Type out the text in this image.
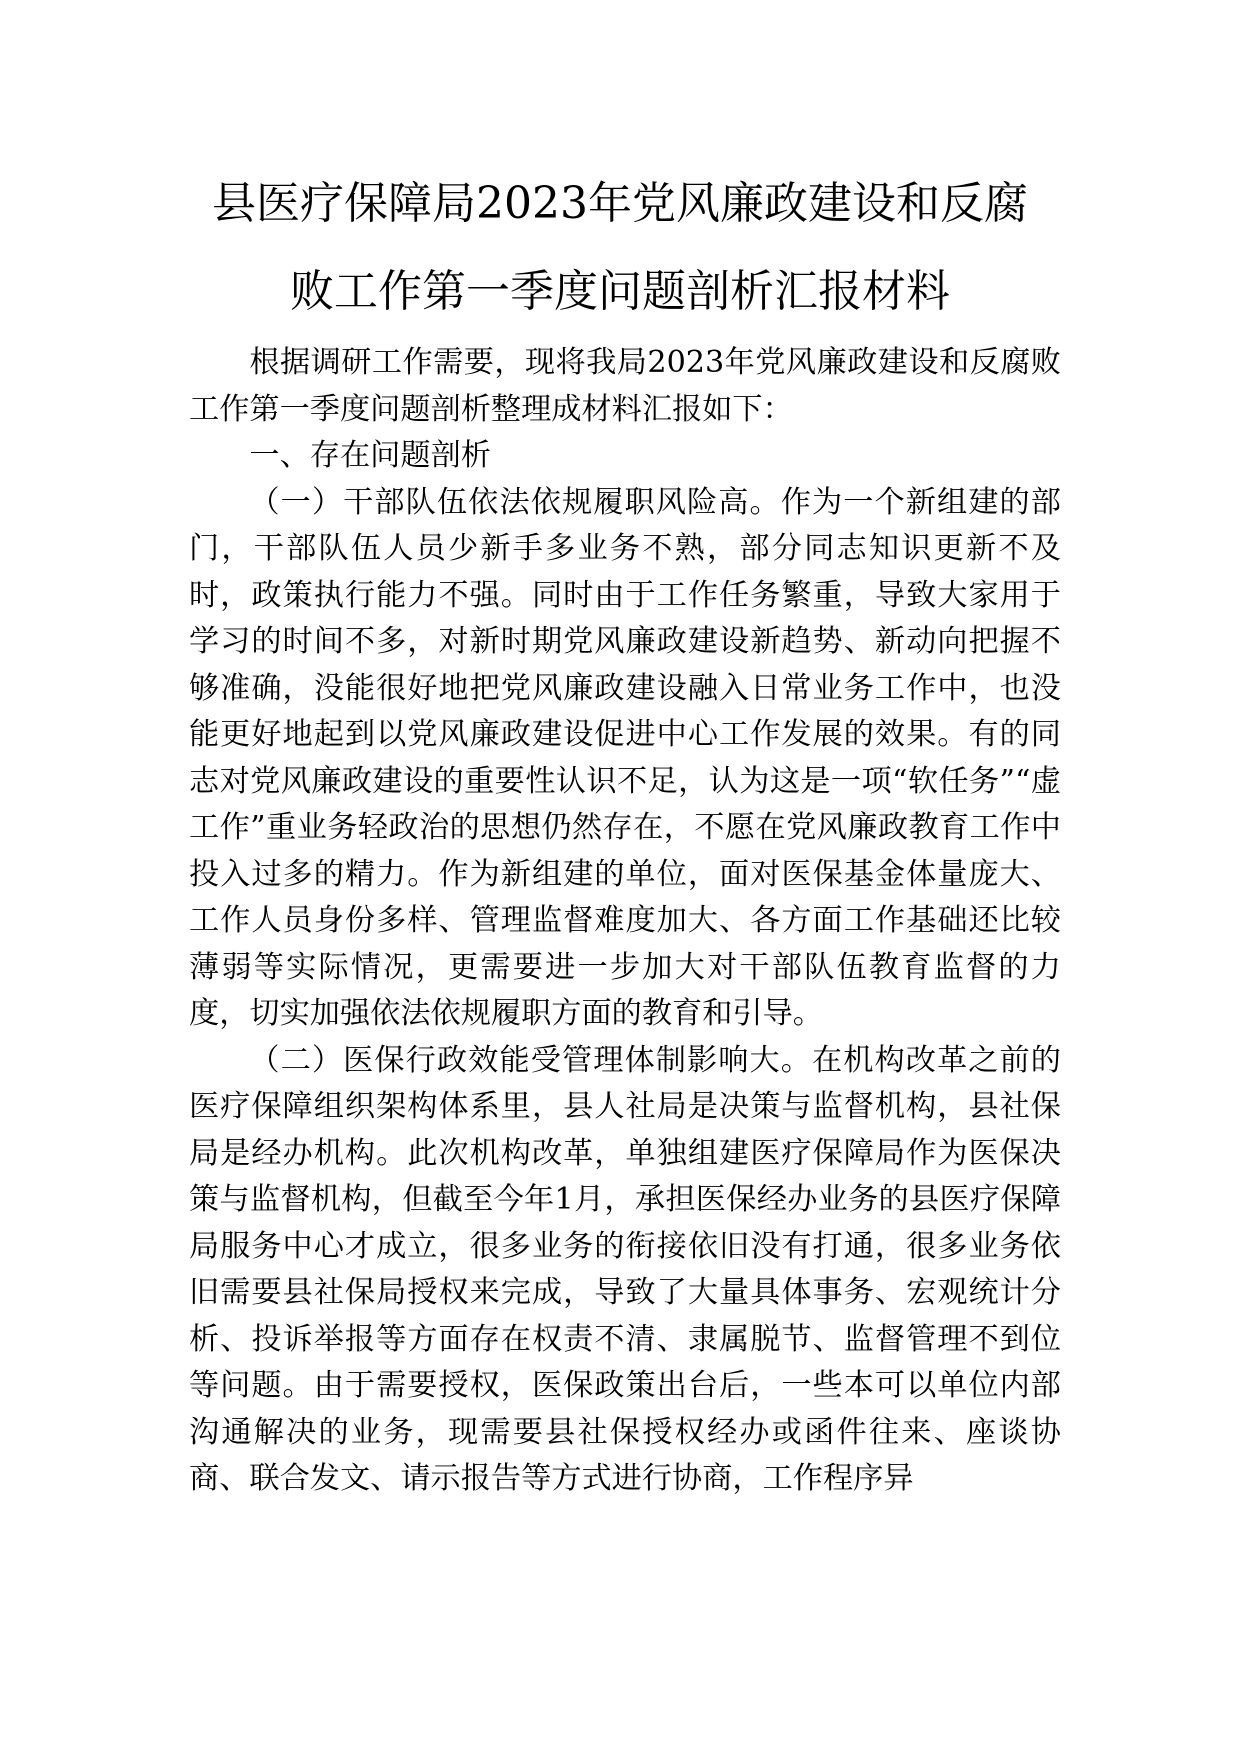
县医疗保障局2023年党风廉政建设和反腐
败工作第一季度问题剖析汇报材料

根据调研工作需要，现将我局2023年党风廉政建设和反腐败工作第一季度问题剖析整理成材料汇报如下：

一、存在问题剖析

（一）干部队伍依法依规履职风险高。作为一个新组建的部门，干部队伍人员少新手多业务不熟，部分同志知识更新不及时，政策执行能力不强。同时由于工作任务繁重，导致大家用于学习的时间不多，对新时期党风廉政建设新趋势、新动向把握不够准确，没能很好地把党风廉政建设融入日常业务工作中，也没能更好地起到以党风廉政建设促进中心工作发展的效果。有的同志对党风廉政建设的重要性认识不足，认为这是一项“软任务”“虚工作”重业务轻政治的思想仍然存在，不愿在党风廉政教育工作中投入过多的精力。作为新组建的单位，面对医保基金体量庞大、工作人员身份多样、管理监督难度加大、各方面工作基础还比较薄弱等实际情况，更需要进一步加大对干部队伍教育监督的力度，切实加强依法依规履职方面的教育和引导。

（二）医保行政效能受管理体制影响大。在机构改革之前的医疗保障组织架构体系里，县人社局是决策与监督机构，县社保局是经办机构。此次机构改革，单独组建医疗保障局作为医保决策与监督机构，但截至今年1月，承担医保经办业务的县医疗保障局服务中心才成立，很多业务的衔接依旧没有打通，很多业务依旧需要县社保局授权来完成，导致了大量具体事务、宏观统计分析、投诉举报等方面存在权责不清、隶属脱节、监督管理不到位等问题。由于需要授权，医保政策出台后，一些本可以单位内部沟通解决的业务，现需要县社保授权经办或函件往来、座谈协商、联合发文、请示报告等方式进行协商，工作程序异
